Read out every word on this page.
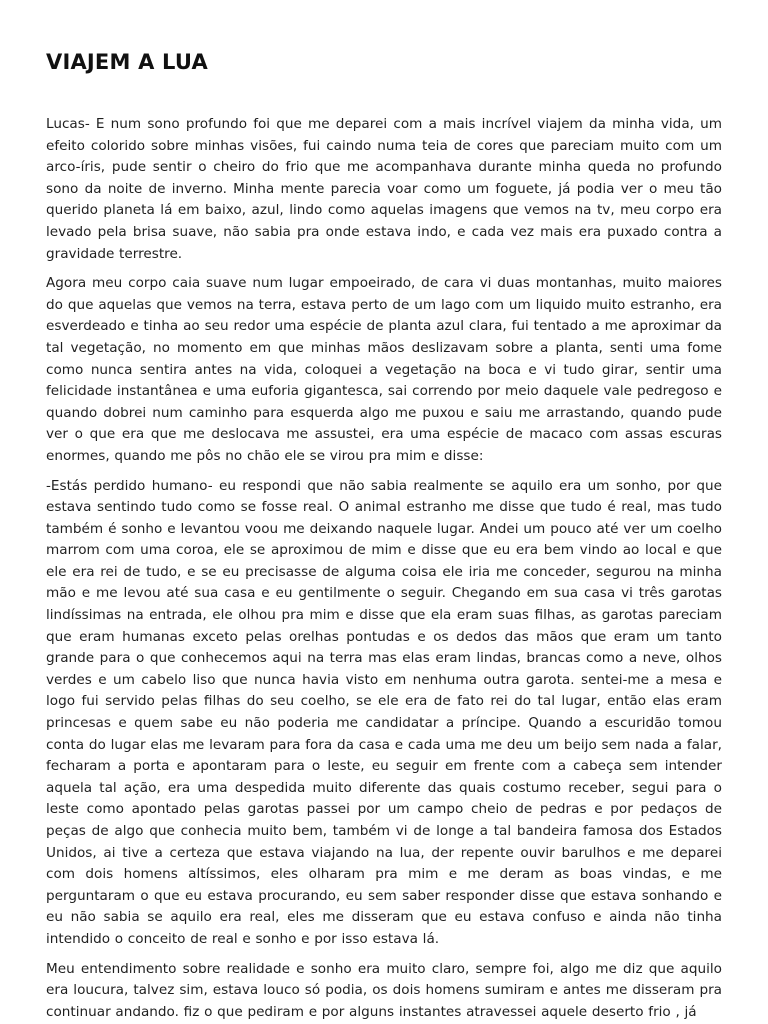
VIAJEM A LUA

Lucas- E num sono profundo foi que me deparei com a mais incrível viajem da minha vida, um efeito colorido sobre minhas visões, fui caindo numa teia de cores que pareciam muito com um arco-íris, pude sentir o cheiro do frio que me acompanhava durante minha queda no profundo sono da noite de inverno. Minha mente parecia voar como um foguete, já podia ver o meu tão querido planeta lá em baixo, azul, lindo como aquelas imagens que vemos na tv, meu corpo era levado pela brisa suave, não sabia pra onde estava indo, e cada vez mais era puxado contra a gravidade terrestre.

Agora meu corpo caia suave num lugar empoeirado, de cara vi duas montanhas, muito maiores do que aquelas que vemos na terra, estava perto de um lago com um liquido muito estranho, era esverdeado e tinha ao seu redor uma espécie de planta azul clara, fui tentado a me aproximar da tal vegetação, no momento em que minhas mãos deslizavam sobre a planta, senti uma fome como nunca sentira antes na vida, coloquei a vegetação na boca e vi tudo girar, sentir uma felicidade instantânea e uma euforia gigantesca, sai correndo por meio daquele vale pedregoso e quando dobrei num caminho para esquerda algo me puxou e saiu me arrastando, quando pude ver o que era que me deslocava me assustei, era uma espécie de macaco com assas escuras enormes, quando me pôs no chão ele se virou pra mim e disse:

-Estás perdido humano- eu respondi que não sabia realmente se aquilo era um sonho, por que estava sentindo tudo como se fosse real. O animal estranho me disse que tudo é real, mas tudo também é sonho e levantou voou me deixando naquele lugar. Andei um pouco até ver um coelho marrom com uma coroa, ele se aproximou de mim e disse que eu era bem vindo ao local e que ele era rei de tudo, e se eu precisasse de alguma coisa ele iria me conceder, segurou na minha mão e me levou até sua casa e eu gentilmente o seguir. Chegando em sua casa vi três garotas lindíssimas na entrada, ele olhou pra mim e disse que ela eram suas filhas, as garotas pareciam que eram humanas exceto pelas orelhas pontudas e os dedos das mãos que eram um tanto grande para o que conhecemos aqui na terra mas elas eram lindas, brancas como a neve, olhos verdes e um cabelo liso que nunca havia visto em nenhuma outra garota. sentei-me a mesa e logo fui servido pelas filhas do seu coelho, se ele era de fato rei do tal lugar, então elas eram princesas e quem sabe eu não poderia me candidatar a príncipe. Quando a escuridão tomou conta do lugar elas me levaram para fora da casa e cada uma me deu um beijo sem nada a falar, fecharam a porta e apontaram para o leste, eu seguir em frente com a cabeça sem intender aquela tal ação, era uma despedida muito diferente das quais costumo receber, segui para o leste como apontado pelas garotas passei por um campo cheio de pedras e por pedaços de peças de algo que conhecia muito bem, também vi de longe a tal bandeira famosa dos Estados Unidos, ai tive a certeza que estava viajando na lua, der repente ouvir barulhos e me deparei com dois homens altíssimos, eles olharam pra mim e me deram as boas vindas, e me perguntaram o que eu estava procurando, eu sem saber responder disse que estava sonhando e eu não sabia se aquilo era real, eles me disseram que eu estava confuso e ainda não tinha intendido o conceito de real e sonho e por isso estava lá.

Meu entendimento sobre realidade e sonho era muito claro, sempre foi, algo me diz que aquilo era loucura, talvez sim, estava louco só podia, os dois homens sumiram e antes me disseram pra continuar andando. fiz o que pediram e por alguns instantes atravessei aquele deserto frio , já
